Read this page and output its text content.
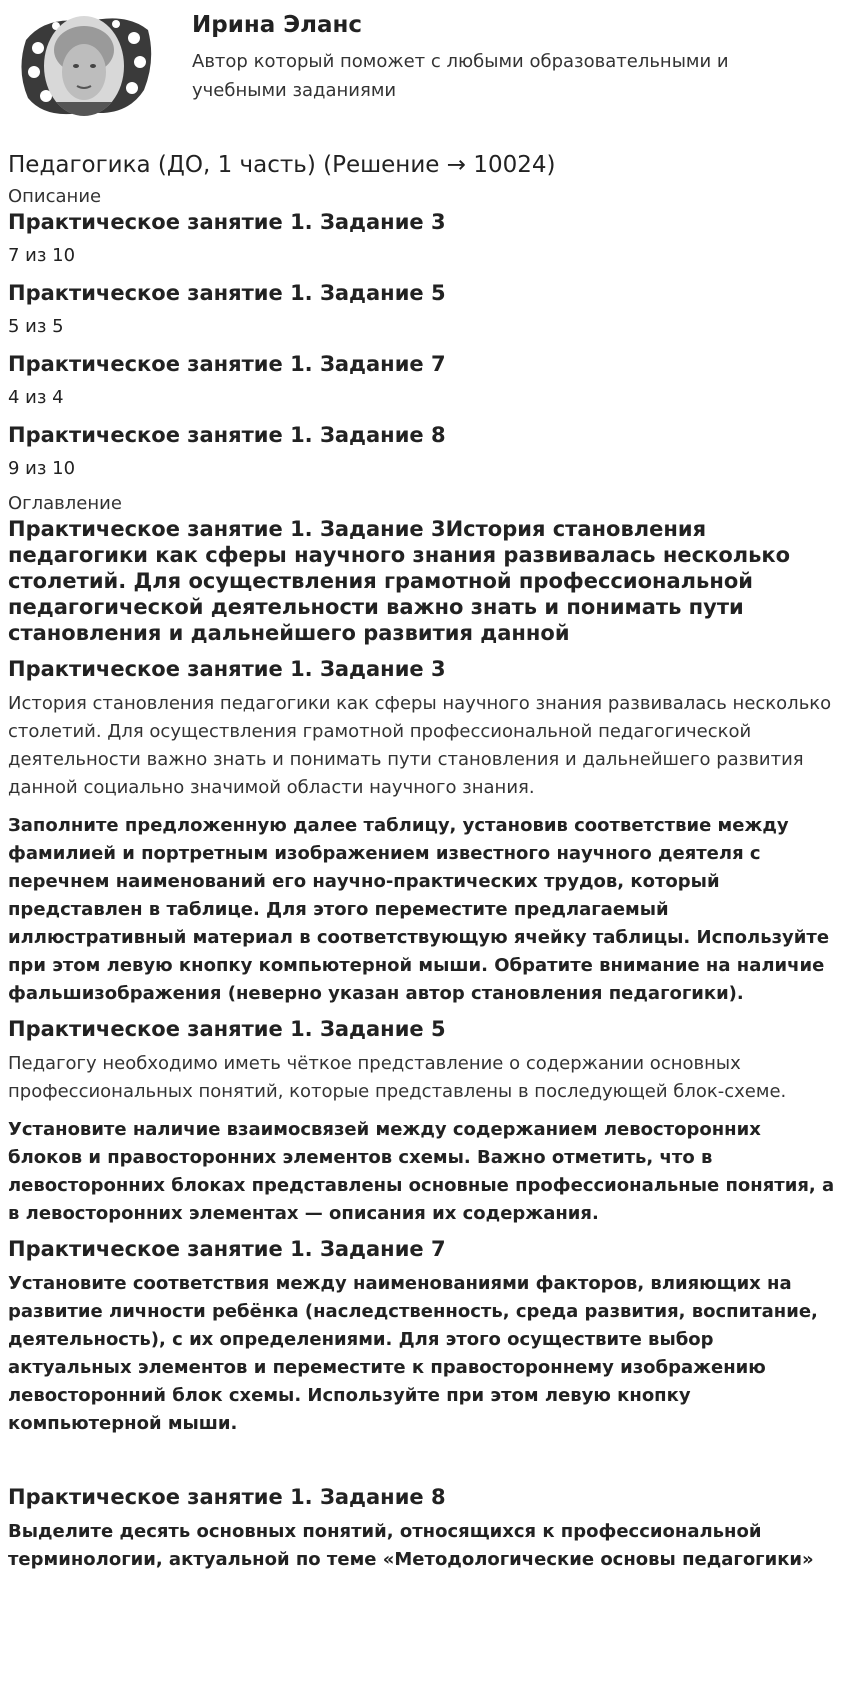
Ирина Эланс
Автор который поможет с любыми образовательными и учебными заданиями
Педагогика (ДО, 1 часть) (Решение → 10024)
Описание
Практическое занятие 1. Задание 3
7 из 10
Практическое занятие 1. Задание 5
5 из 5
Практическое занятие 1. Задание 7
4 из 4
Практическое занятие 1. Задание 8
9 из 10
Оглавление
Практическое занятие 1. Задание 3История становления педагогики как сферы научного знания развивалась несколько столетий. Для осуществления грамотной профессиональной педагогической деятельности важно знать и понимать пути становления и дальнейшего развития данной
Практическое занятие 1. Задание 3
История становления педагогики как сферы научного знания развивалась несколько столетий. Для осуществления грамотной профессиональной педагогической деятельности важно знать и понимать пути становления и дальнейшего развития данной социально значимой области научного знания.
Заполните предложенную далее таблицу, установив соответствие между фамилией и портретным изображением известного научного деятеля с перечнем наименований его научно-практических трудов, который представлен в таблице. Для этого переместите предлагаемый иллюстративный материал в соответствующую ячейку таблицы. Используйте при этом левую кнопку компьютерной мыши. Обратите внимание на наличие фальшизображения (неверно указан автор становления педагогики).
Практическое занятие 1. Задание 5
Педагогу необходимо иметь чёткое представление о содержании основных профессиональных понятий, которые представлены в последующей блок-схеме.
Установите наличие взаимосвязей между содержанием левосторонних блоков и правосторонних элементов схемы. Важно отметить, что в левосторонних блоках представлены основные профессиональные понятия, а в левосторонних элементах — описания их содержания.
Практическое занятие 1. Задание 7
Установите соответствия между наименованиями факторов, влияющих на развитие личности ребёнка (наследственность, среда развития, воспитание, деятельность), с их определениями. Для этого осуществите выбор актуальных элементов и переместите к правостороннему изображению левосторонний блок схемы. Используйте при этом левую кнопку компьютерной мыши.
Практическое занятие 1. Задание 8
Выделите десять основных понятий, относящихся к профессиональной терминологии, актуальной по теме «Методологические основы педагогики»
